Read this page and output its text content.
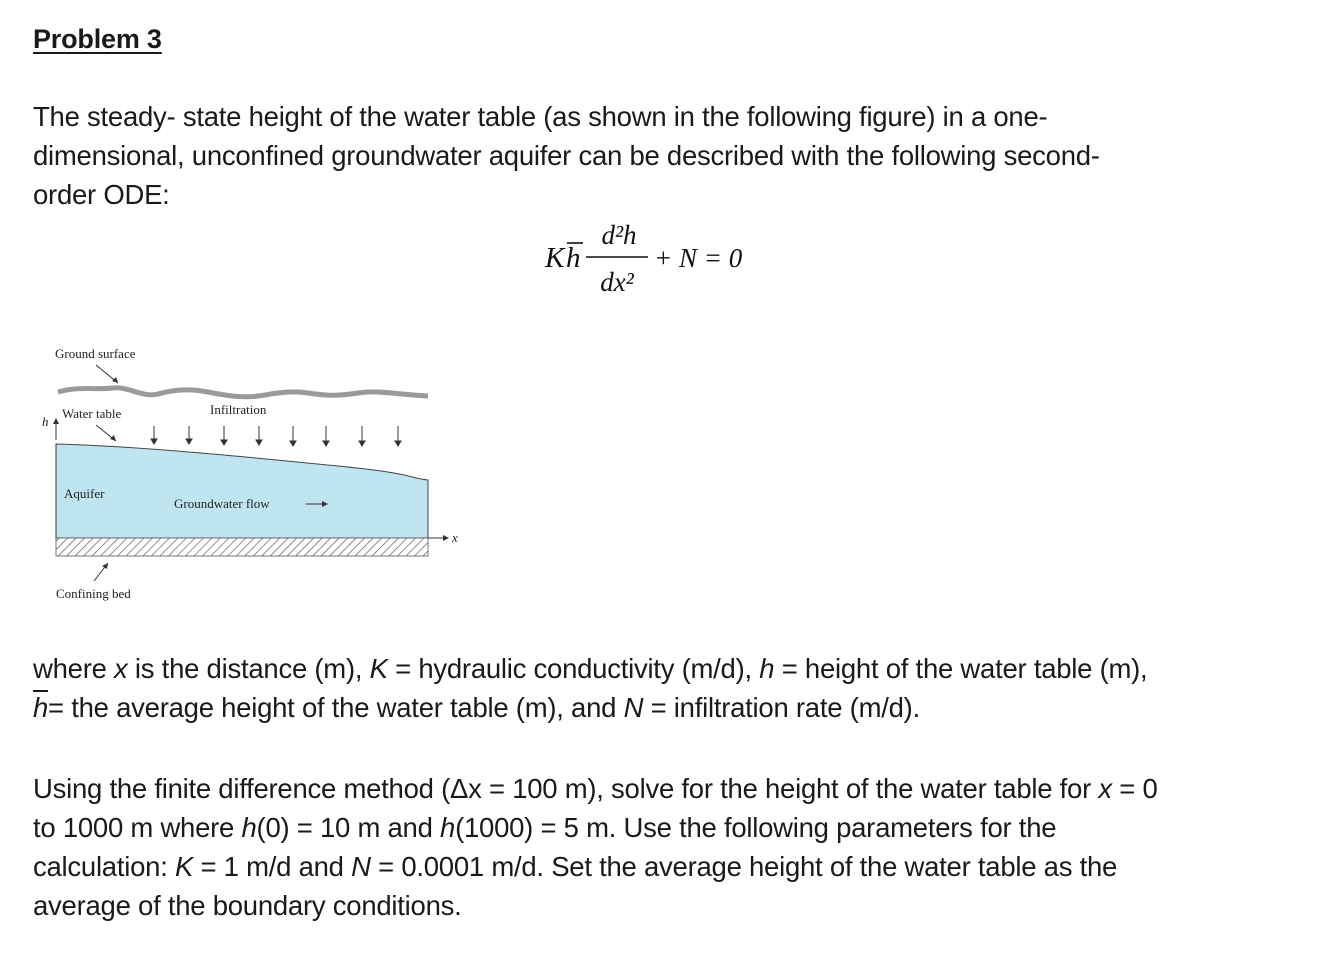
Problem 3
The steady- state height of the water table (as shown in the following figure) in a one-
dimensional, unconfined groundwater aquifer can be described with the following second-
order ODE:
K h
d²h
dx²
+ N = 0
h
x
Ground surface
Water table	Infiltration
Aquifer
Groundwater flow
Confining bed
where x is the distance (m), K = hydraulic conductivity (m/d), h = height of the water table (m),
$\overline{h}=$ the average height of the water table (m), and N = infiltration rate (m/d).
Using the finite difference method (Δx = 100 m), solve for the height of the water table for x = 0
to 1000 m where h(0) = 10 m and h(1000) = 5 m. Use the following parameters for the
calculation: K = 1 m/d and N = 0.0001 m/d. Set the average height of the water table as the
average of the boundary conditions.
